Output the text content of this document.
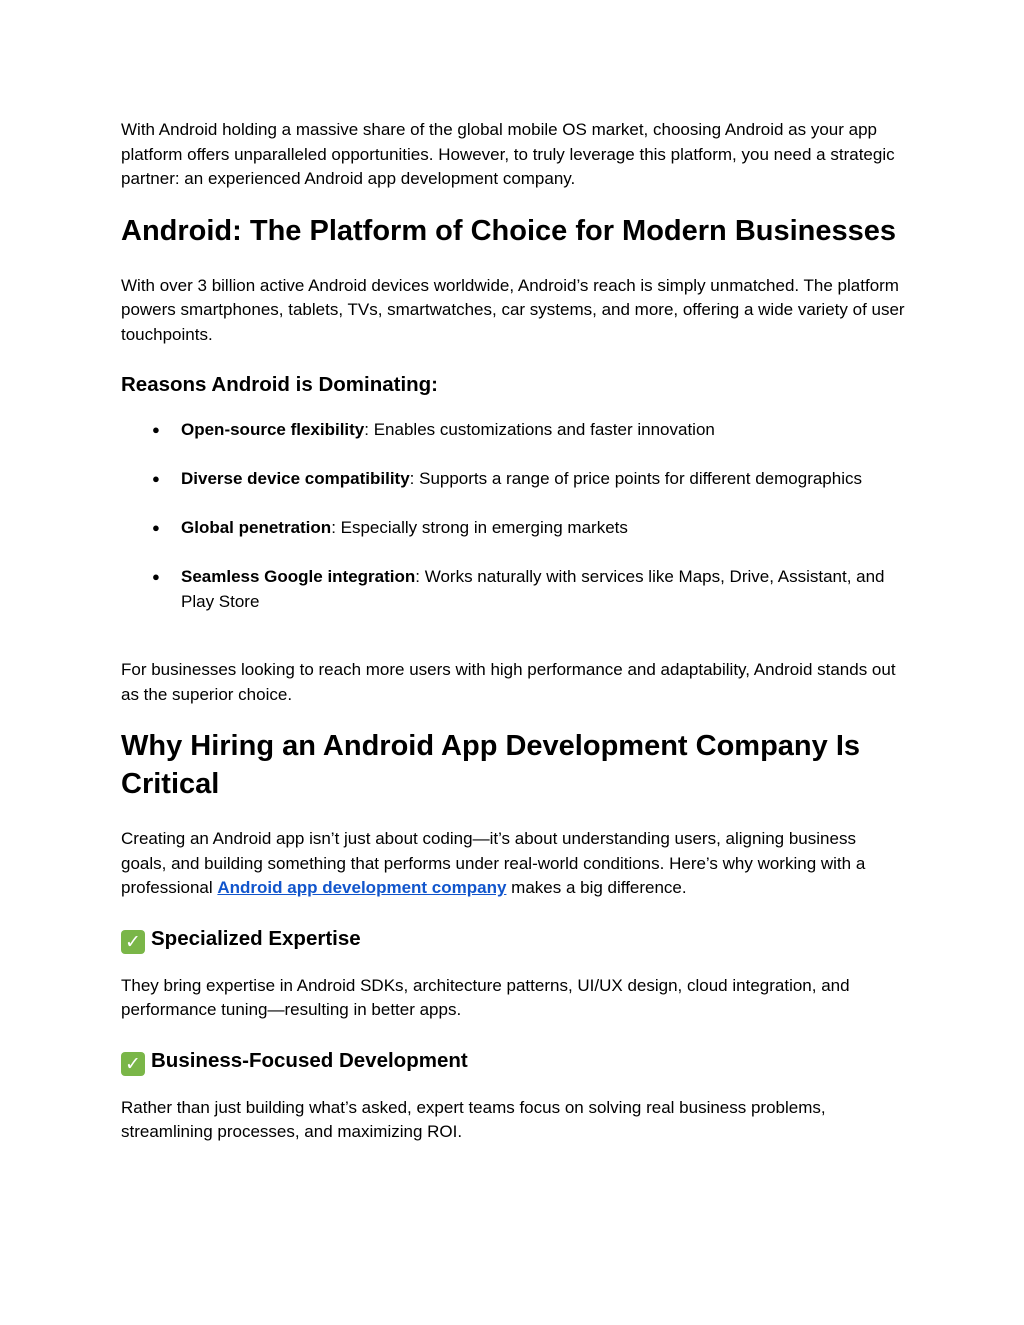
With Android holding a massive share of the global mobile OS market, choosing Android as your app platform offers unparalleled opportunities. However, to truly leverage this platform, you need a strategic partner: an experienced Android app development company.

Android: The Platform of Choice for Modern Businesses

With over 3 billion active Android devices worldwide, Android’s reach is simply unmatched. The platform powers smartphones, tablets, TVs, smartwatches, car systems, and more, offering a wide variety of user touchpoints.

Reasons Android is Dominating:
● Open-source flexibility: Enables customizations and faster innovation
● Diverse device compatibility: Supports a range of price points for different demographics
● Global penetration: Especially strong in emerging markets
● Seamless Google integration: Works naturally with services like Maps, Drive, Assistant, and Play Store

For businesses looking to reach more users with high performance and adaptability, Android stands out as the superior choice.

Why Hiring an Android App Development Company Is Critical

Creating an Android app isn’t just about coding—it’s about understanding users, aligning business goals, and building something that performs under real-world conditions. Here’s why working with a professional Android app development company makes a big difference.

✓ Specialized Expertise

They bring expertise in Android SDKs, architecture patterns, UI/UX design, cloud integration, and performance tuning—resulting in better apps.

✓ Business-Focused Development

Rather than just building what’s asked, expert teams focus on solving real business problems, streamlining processes, and maximizing ROI.
